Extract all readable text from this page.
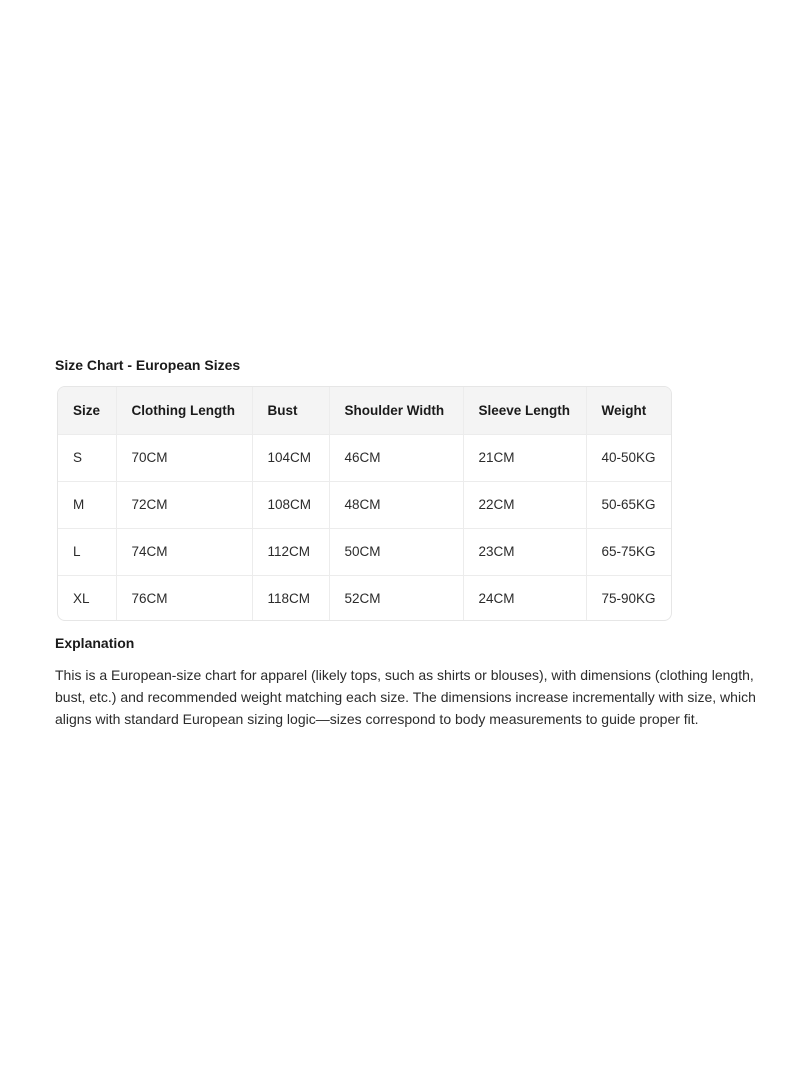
Size Chart - European Sizes
Size	Clothing Length	Bust	Shoulder Width	Sleeve Length	Weight
S	70CM	104CM	46CM	21CM	40-50KG
M	72CM	108CM	48CM	22CM	50-65KG
L	74CM	112CM	50CM	23CM	65-75KG
XL	76CM	118CM	52CM	24CM	75-90KG
Explanation

This is a European-size chart for apparel (likely tops, such as shirts or blouses), with dimensions (clothing length, bust, etc.) and recommended weight matching each size. The dimensions increase incrementally with size, which aligns with standard European sizing logic—sizes correspond to body measurements to guide proper fit.
